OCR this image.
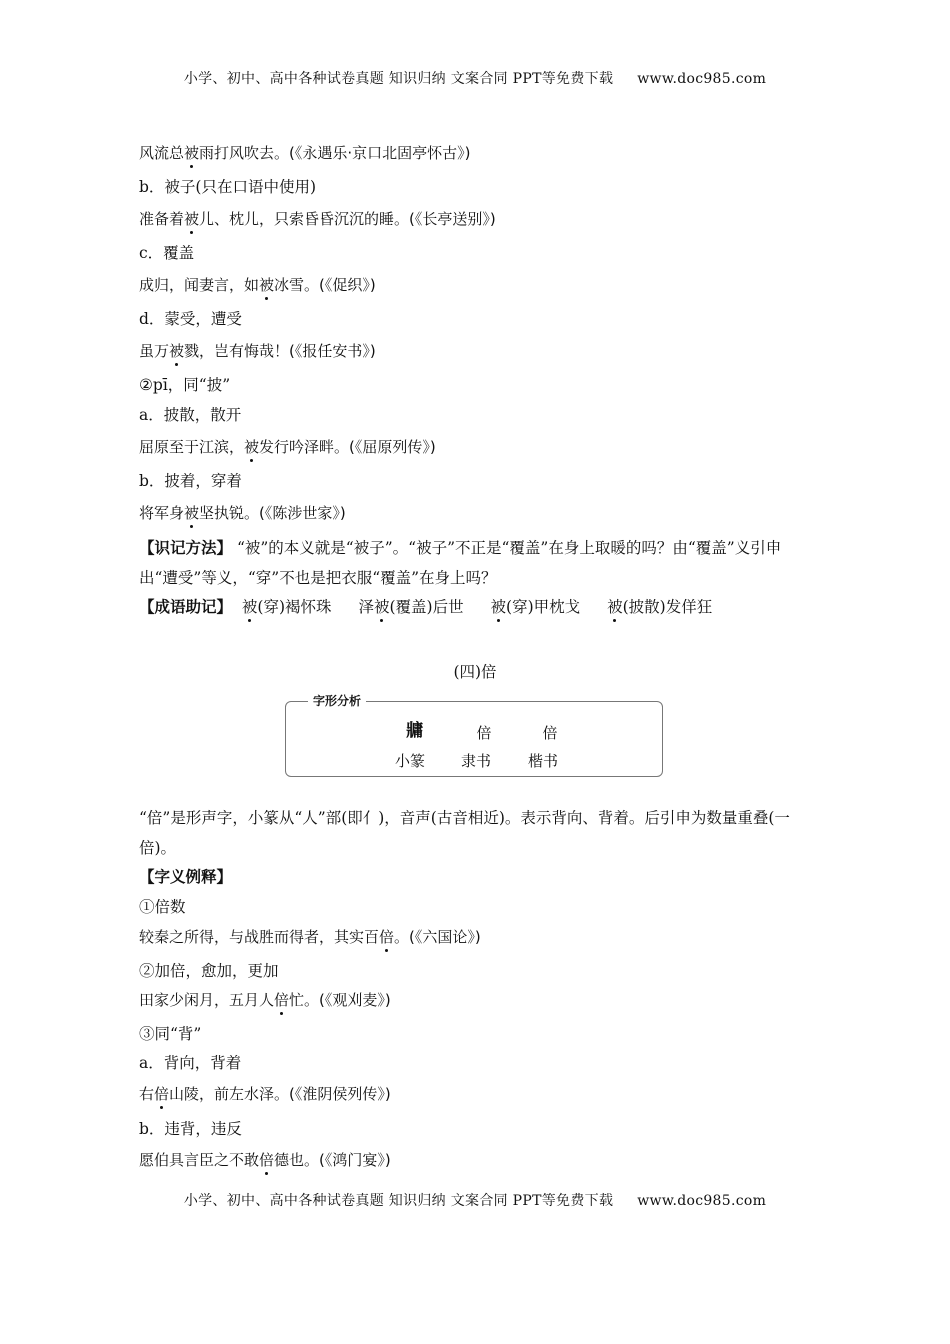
小学、初中、高中各种试卷真题 知识归纳 文案合同 PPT等免费下载 www.doc985.com
风流总被雨打风吹去。(《永遇乐·京口北固亭怀古》)
b．被子(只在口语中使用)
准备着被儿、枕儿，只索昏昏沉沉的睡。(《长亭送别》)
c．覆盖
成归，闻妻言，如被冰雪。(《促织》)
d．蒙受，遭受
虽万被戮，岂有悔哉！(《报任安书》)
②pī，同“披”
a．披散，散开
屈原至于江滨，被发行吟泽畔。(《屈原列传》)
b．披着，穿着
将军身被坚执锐。(《陈涉世家》)
【识记方法】 “被”的本义就是“被子”。“被子”不正是“覆盖”在身上取暖的吗？由“覆盖”义引申出“遭受”等义，“穿”不也是把衣服“覆盖”在身上吗？
【成语助记】 被(穿)褐怀珠 泽被(覆盖)后世 被(穿)甲枕戈 被(披散)发佯狂
(四)倍
字形分析
牅	倍	倍
小篆	隶书	楷书
“倍”是形声字，小篆从“人”部(即亻)，音声(古音相近)。表示背向、背着。后引申为数量重叠(一倍)。
【字义例释】
①倍数
较秦之所得，与战胜而得者，其实百倍。(《六国论》)
②加倍，愈加，更加
田家少闲月，五月人倍忙。(《观刈麦》)
③同“背”
a．背向，背着
右倍山陵，前左水泽。(《淮阴侯列传》)
b．违背，违反
愿伯具言臣之不敢倍德也。(《鸿门宴》)
小学、初中、高中各种试卷真题 知识归纳 文案合同 PPT等免费下载 www.doc985.com
